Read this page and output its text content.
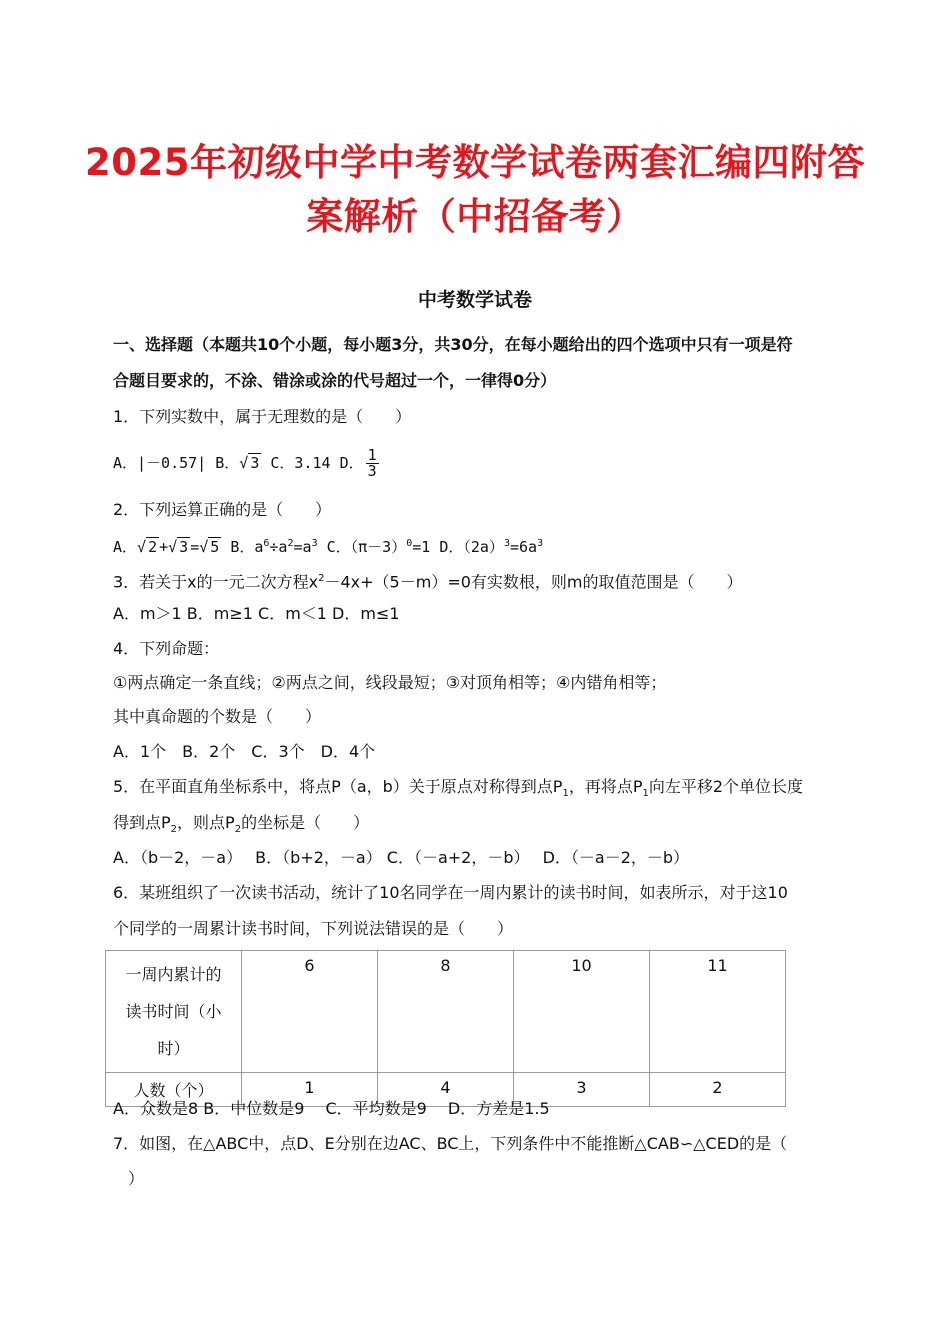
2025年初级中学中考数学试卷两套汇编四附答
案解析（中招备考）
中考数学试卷
一、选择题（本题共10个小题，每小题3分，共30分，在每小题给出的四个选项中只有一项是符
合题目要求的，不涂、错涂或涂的代号超过一个，一律得0分）
1．下列实数中，属于无理数的是（　　）
A．|－0.57| B．√ 3 C．3.14 D． $\frac{1}{3}$
2．下列运算正确的是（　　）
A．√ 2 +√ 3 =√ 5 B．$a^6\div a^2=a^3$ C．$(\pi-3)^0=1$ D．$(2a)^3=6a^3$
3．若关于x的一元二次方程$x^2-4x+(5-m)=0$有实数根，则m的取值范围是（　　）
A．m＞1 B．m≥1 C．m＜1 D．m≤1
4．下列命题：
①两点确定一条直线；②两点之间，线段最短；③对顶角相等；④内错角相等；
其中真命题的个数是（　　）
A．1个　B．2个　C．3个　D．4个
5．在平面直角坐标系中，将点P（a，b）关于原点对称得到点$P_1$，再将点$P_1$向左平移2个单位长度
得到点$P_2$，则点$P_2$的坐标是（　　）
A．（b－2，－a）　 B．（b+2，－a） C．（－a+2，－b）　 D．（－a－2，－b）
6．某班组织了一次读书活动，统计了10名同学在一周内累计的读书时间，如表所示，对于这10
个同学的一周累计读书时间，下列说法错误的是（　　）
一周内累计的
读书时间（小
时）	6	8	10	11
人数（个）	1	4	3	2
A．众数是8 B．中位数是9　 C．平均数是9　 D．方差是1.5
7．如图，在△ABC中，点D、E分别在边AC、BC上，下列条件中不能推断△CAB∽△CED的是（
）
